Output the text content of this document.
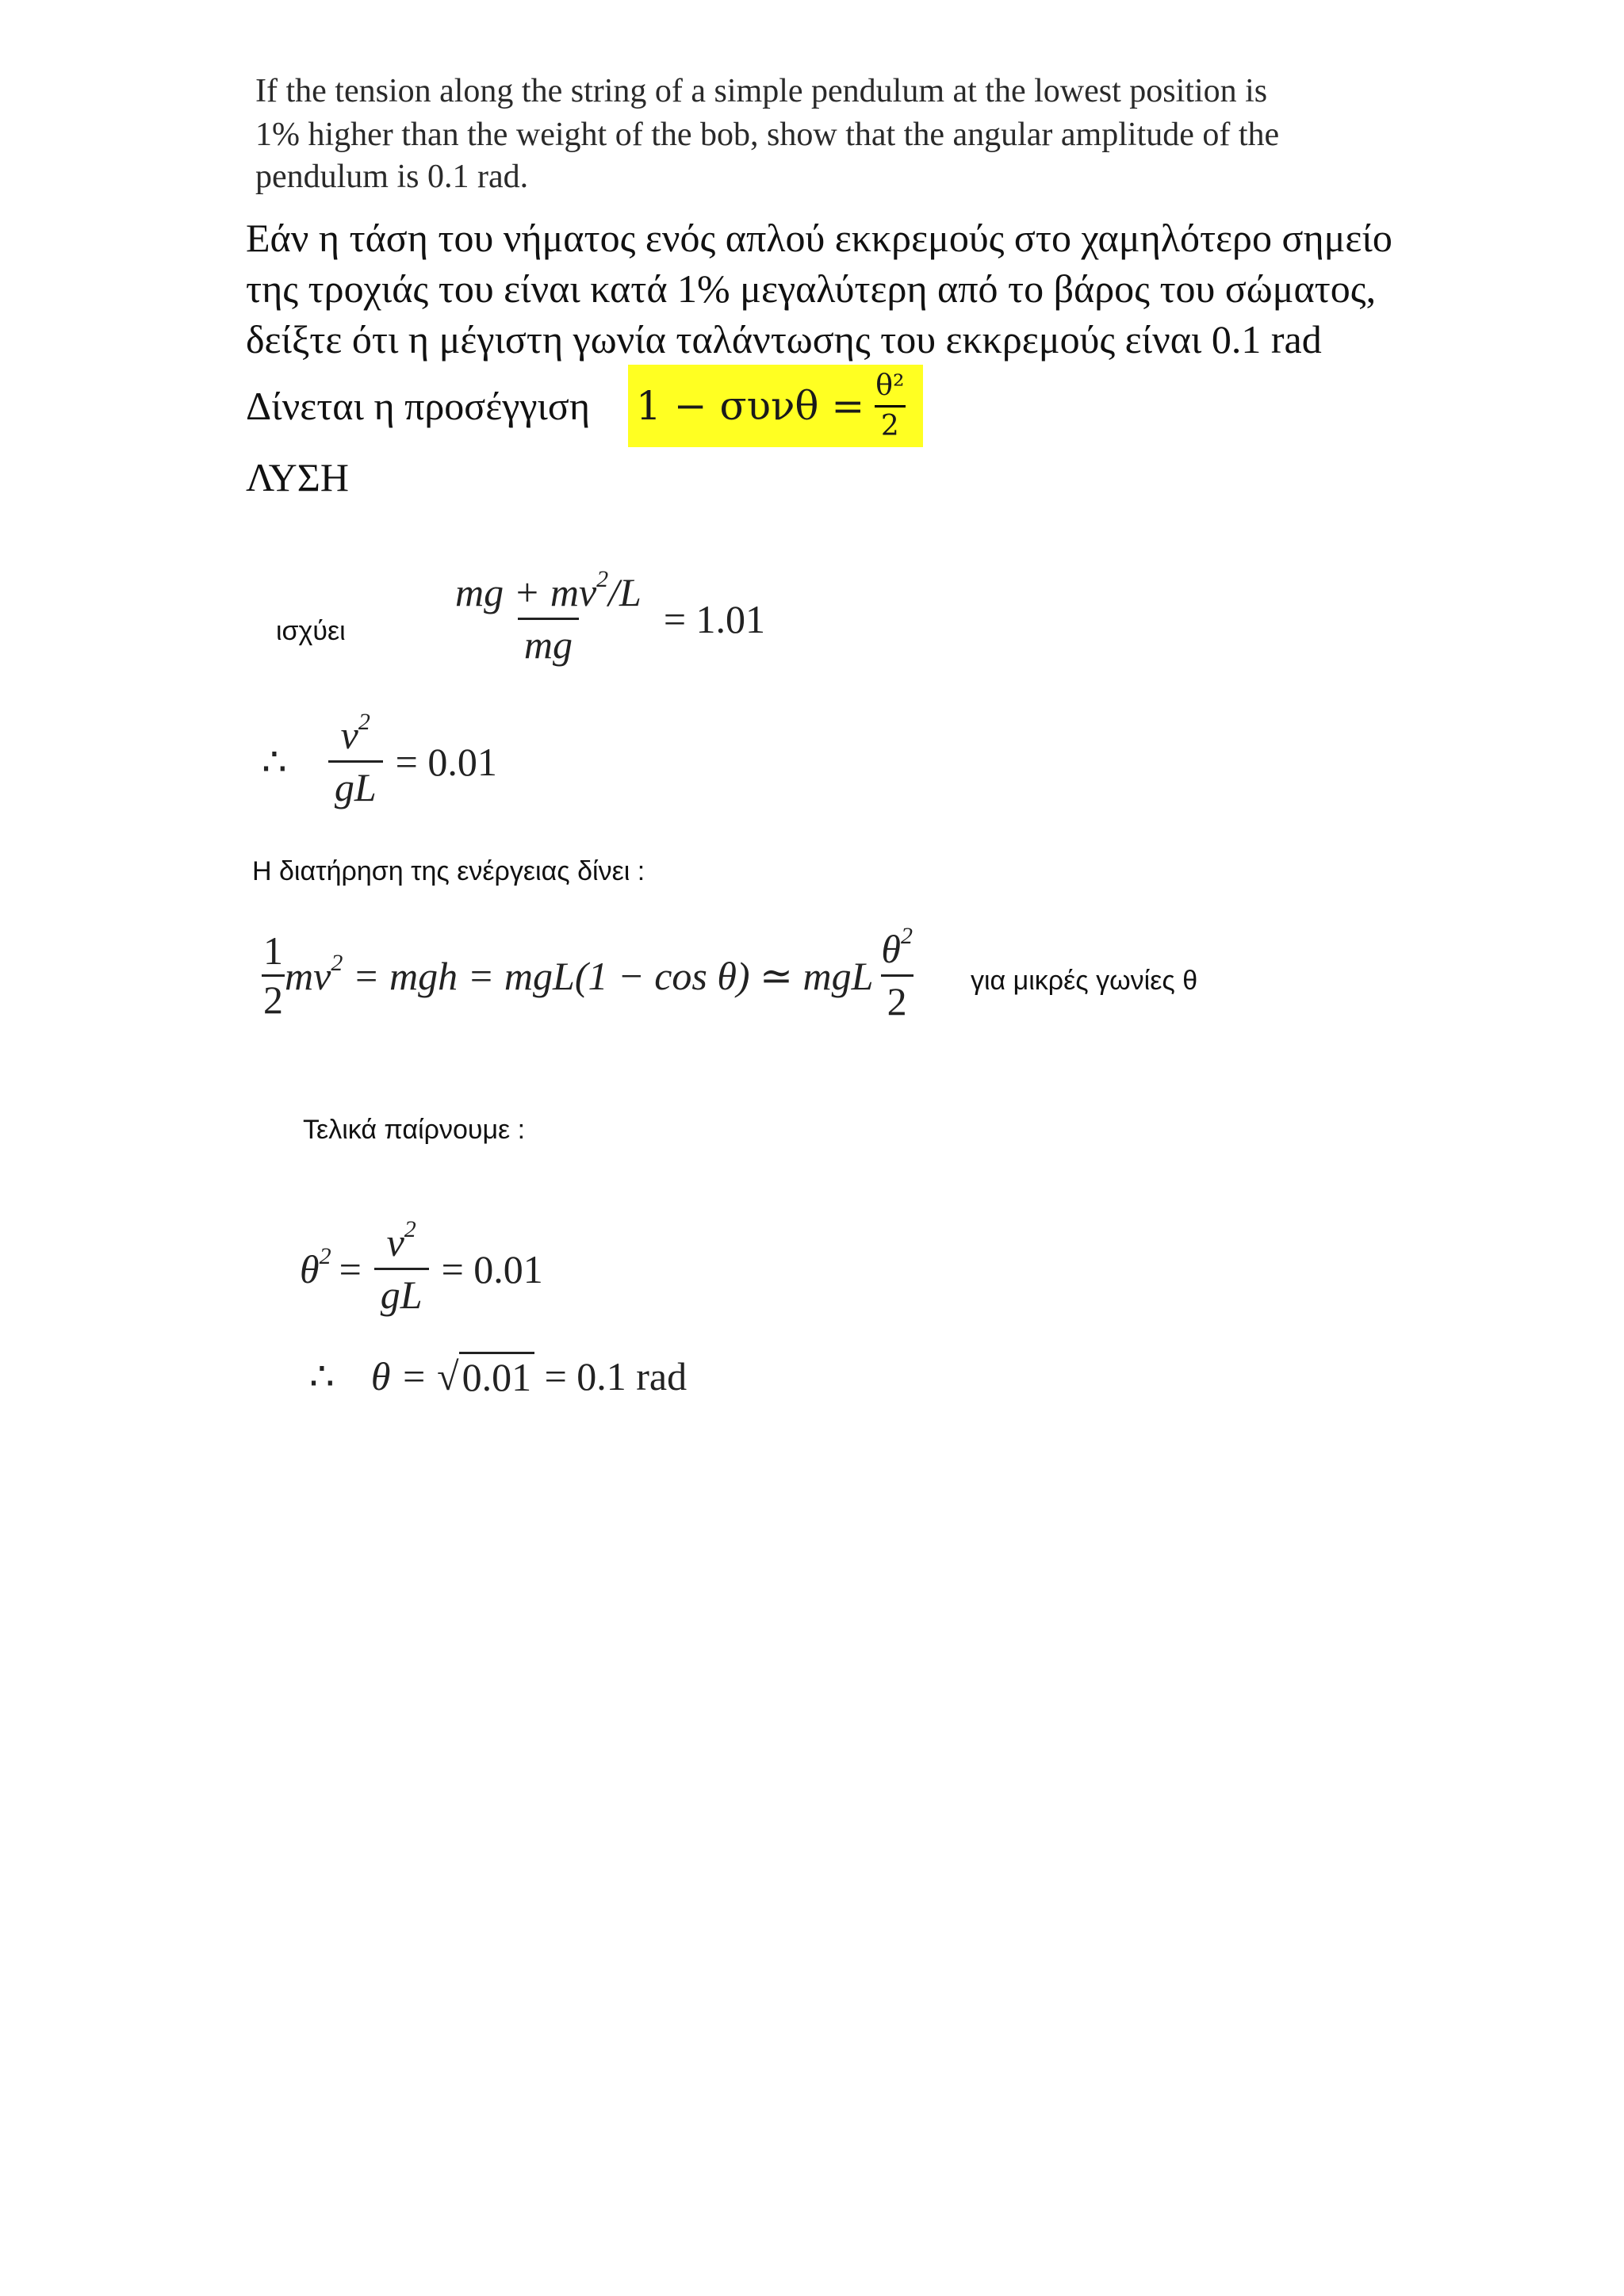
If the tension along the string of a simple pendulum at the lowest position is
1% higher than the weight of the bob, show that the angular amplitude of the
pendulum is 0.1 rad.
Εάν η τάση του νήματος ενός απλού εκκρεμούς στο χαμηλότερο σημείο
της τροχιάς του είναι κατά 1% μεγαλύτερη από το βάρος του σώματος,
δείξτε ότι η μέγιστη γωνία ταλάντωσης του εκκρεμούς είναι 0.1 rad
Δίνεται η προσέγγιση $1 - \sigma\upsilon\nu\theta = \frac{\text{θ²}}{2}$
ΛΥΣΗ
ισχύει	$\frac{mg + mv^2/L}{mg} = 1.01$
∴ $\frac{v^2}{gL} = 0.01$
Η διατήρηση της ενέργειας δίνει :
$\frac{1}{2} mv^2$ = mgh = mgL(1 − cos θ) ≃ mgL $\frac{\theta^2}{2}$ για μικρές γωνίες θ
Τελικά παίρνουμε :
$\theta^2 = \frac{v^2}{gL} = 0.01$
∴ θ = √ 0.01 = 0.1 rad
